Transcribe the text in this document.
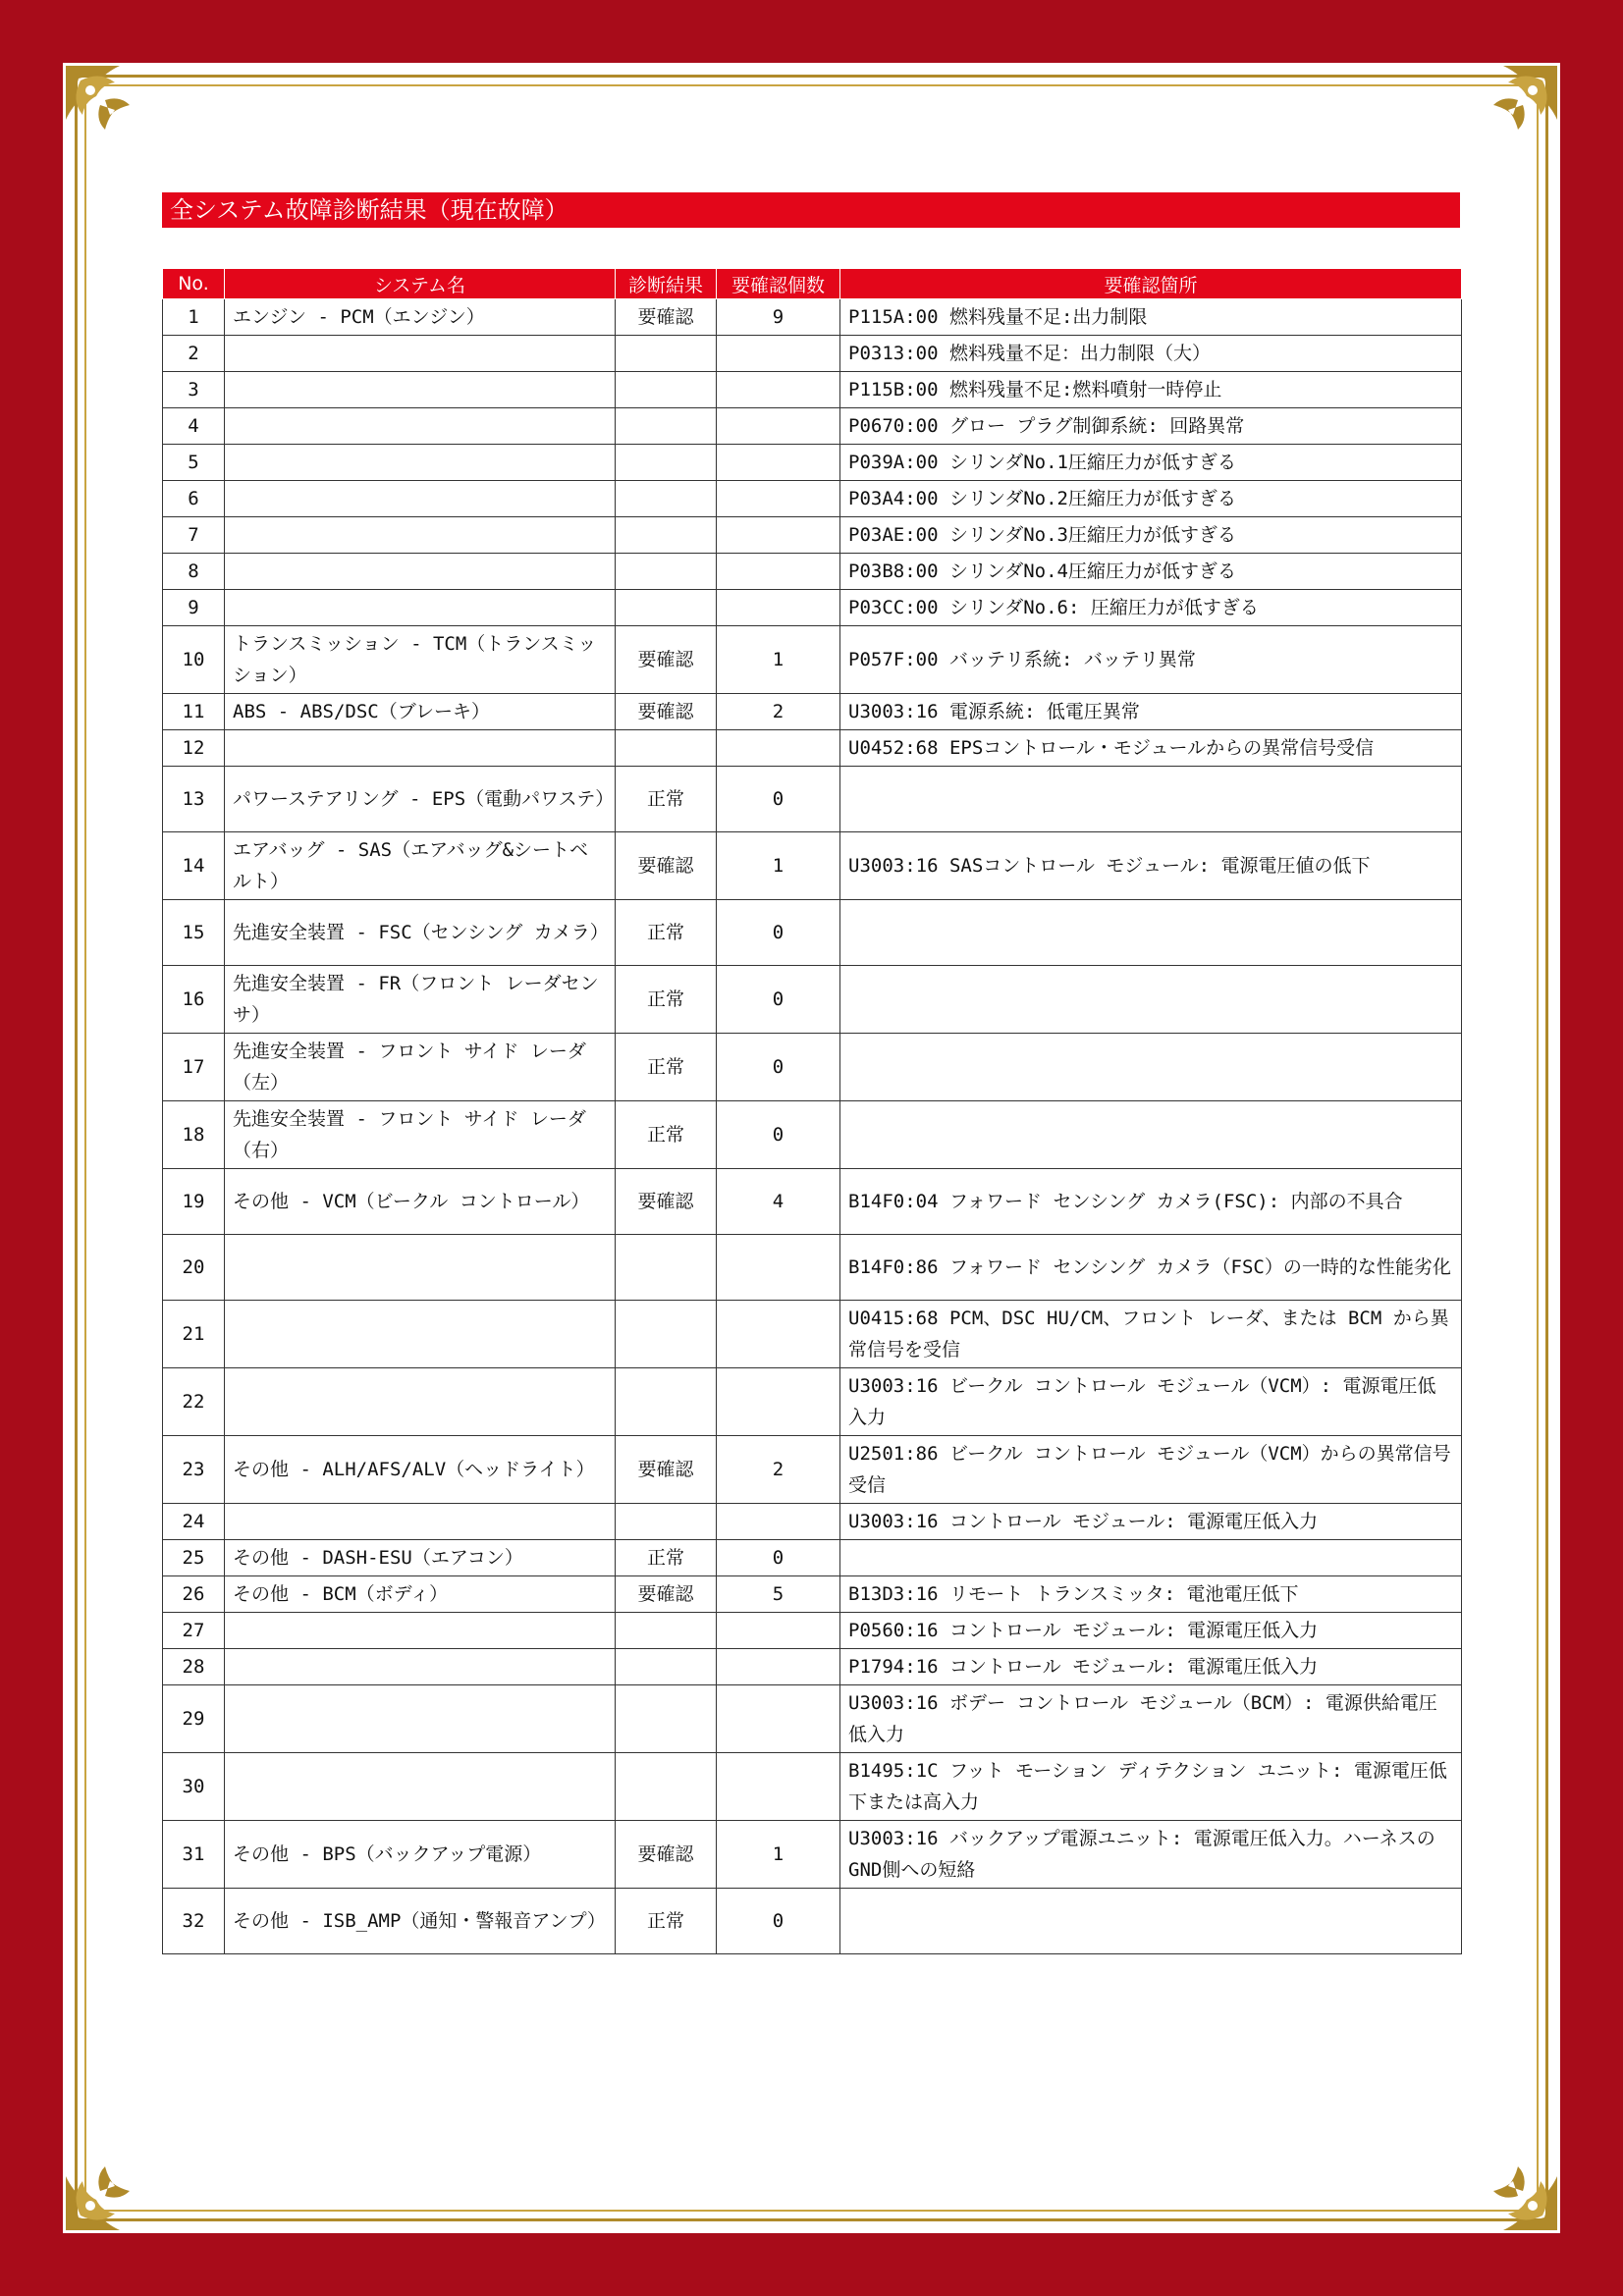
全システム故障診断結果（現在故障）
No.	システム名	診断結果	要確認個数	要確認箇所
1	エンジン - PCM（エンジン）	要確認	9	P115A:00 燃料残量不足:出力制限
2				P0313:00 燃料残量不足：出力制限（大）
3				P115B:00 燃料残量不足:燃料噴射一時停止
4				P0670:00 グロー プラグ制御系統: 回路異常
5				P039A:00 シリンダNo.1圧縮圧力が低すぎる
6				P03A4:00 シリンダNo.2圧縮圧力が低すぎる
7				P03AE:00 シリンダNo.3圧縮圧力が低すぎる
8				P03B8:00 シリンダNo.4圧縮圧力が低すぎる
9				P03CC:00 シリンダNo.6: 圧縮圧力が低すぎる
10	トランスミッション - TCM（トランスミッション）	要確認	1	P057F:00 バッテリ系統: バッテリ異常
11	ABS - ABS/DSC（ブレーキ）	要確認	2	U3003:16 電源系統: 低電圧異常
12				U0452:68 EPSコントロール・モジュールからの異常信号受信
13	パワーステアリング - EPS（電動パワステ）	正常	0	
14	エアバッグ - SAS（エアバッグ&シートベルト）	要確認	1	U3003:16 SASコントロール モジュール: 電源電圧値の低下
15	先進安全装置 - FSC（センシング カメラ）	正常	0	
16	先進安全装置 - FR（フロント レーダセンサ）	正常	0	
17	先進安全装置 - フロント サイド レーダ（左）	正常	0	
18	先進安全装置 - フロント サイド レーダ（右）	正常	0	
19	その他 - VCM（ビークル コントロール）	要確認	4	B14F0:04 フォワード センシング カメラ(FSC): 内部の不具合
20				B14F0:86 フォワード センシング カメラ（FSC）の一時的な性能劣化
21				U0415:68 PCM、DSC HU/CM、フロント レーダ、または BCM から異常信号を受信
22				U3003:16 ビークル コントロール モジュール（VCM）: 電源電圧低入力
23	その他 - ALH/AFS/ALV（ヘッドライト）	要確認	2	U2501:86 ビークル コントロール モジュール（VCM）からの異常信号受信
24				U3003:16 コントロール モジュール: 電源電圧低入力
25	その他 - DASH-ESU（エアコン）	正常	0	
26	その他 - BCM（ボディ）	要確認	5	B13D3:16 リモート トランスミッタ: 電池電圧低下
27				P0560:16 コントロール モジュール: 電源電圧低入力
28				P1794:16 コントロール モジュール: 電源電圧低入力
29				U3003:16 ボデー コントロール モジュール（BCM）: 電源供給電圧低入力
30				B1495:1C フット モーション ディテクション ユニット: 電源電圧低下または高入力
31	その他 - BPS（バックアップ電源）	要確認	1	U3003:16 バックアップ電源ユニット: 電源電圧低入力。ハーネスのGND側への短絡
32	その他 - ISB_AMP（通知・警報音アンプ）	正常	0	
